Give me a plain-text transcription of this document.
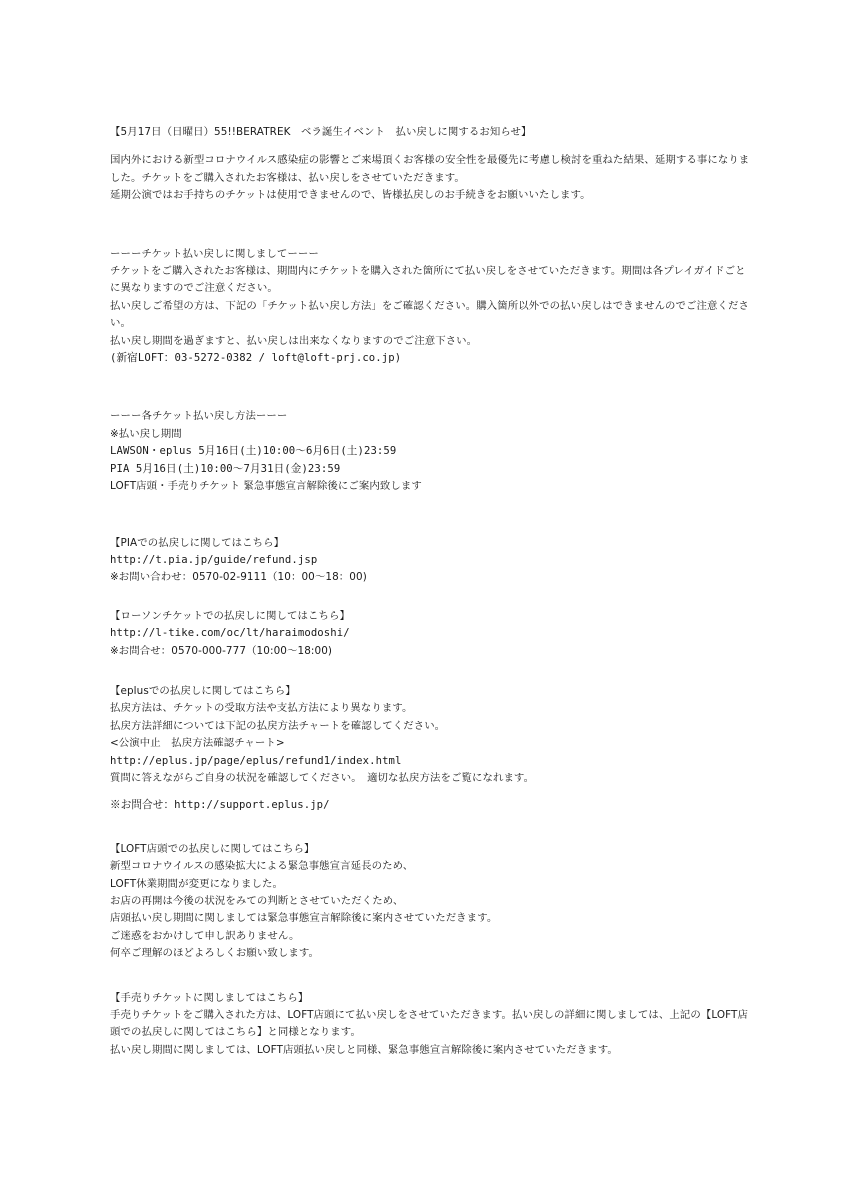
【5月17日（日曜日）55!!BERATREK　ベラ誕生イベント　払い戻しに関するお知らせ】
国内外における新型コロナウイルス感染症の影響とご来場頂くお客様の安全性を最優先に考慮し検討を重ねた結果、延期する事になりました。チケットをご購入されたお客様は、払い戻しをさせていただきます。
延期公演ではお手持ちのチケットは使用できませんので、皆様払戻しのお手続きをお願いいたします。
ーーーチケット払い戻しに関しましてーーー
チケットをご購入されたお客様は、期間内にチケットを購入された箇所にて払い戻しをさせていただきます。期間は各プレイガイドごとに異なりますのでご注意ください。
払い戻しご希望の方は、下記の「チケット払い戻し方法」をご確認ください。購入箇所以外での払い戻しはできませんのでご注意ください。
払い戻し期間を過ぎますと、払い戻しは出来なくなりますのでご注意下さい。
(新宿LOFT：03-5272-0382 / loft@loft-prj.co.jp)
ーーー各チケット払い戻し方法ーーー
※払い戻し期間
LAWSON・eplus 5月16日(土)10:00〜6月6日(土)23:59
PIA 5月16日(土)10:00〜7月31日(金)23:59
LOFT店頭・手売りチケット 緊急事態宣言解除後にご案内致します
【PIAでの払戻しに関してはこちら】
http://t.pia.jp/guide/refund.jsp
※お問い合わせ：0570-02-9111（10：00〜18：00)
【ローソンチケットでの払戻しに関してはこちら】
http://l-tike.com/oc/lt/haraimodoshi/
※お問合せ：0570-000-777（10:00〜18:00)
【eplusでの払戻しに関してはこちら】
払戻方法は、チケットの受取方法や支払方法により異なります。
払戻方法詳細については下記の払戻方法チャートを確認してください。
<公演中止　払戻方法確認チャート>
http://eplus.jp/page/eplus/refund1/index.html
質問に答えながらご自身の状況を確認してください。　適切な払戻方法をご覧になれます。
※お問合せ：http://support.eplus.jp/
【LOFT店頭での払戻しに関してはこちら】
新型コロナウイルスの感染拡大による緊急事態宣言延長のため、
LOFT休業期間が変更になりました。
お店の再開は今後の状況をみての判断とさせていただくため、
店頭払い戻し期間に関しましては緊急事態宣言解除後に案内させていただきます。
ご迷惑をおかけして申し訳ありません。
何卒ご理解のほどよろしくお願い致します。
【手売りチケットに関しましてはこちら】
手売りチケットをご購入された方は、LOFT店頭にて払い戻しをさせていただきます。払い戻しの詳細に関しましては、上記の【LOFT店頭での払戻しに関してはこちら】と同様となります。
払い戻し期間に関しましては、LOFT店頭払い戻しと同様、緊急事態宣言解除後に案内させていただきます。
